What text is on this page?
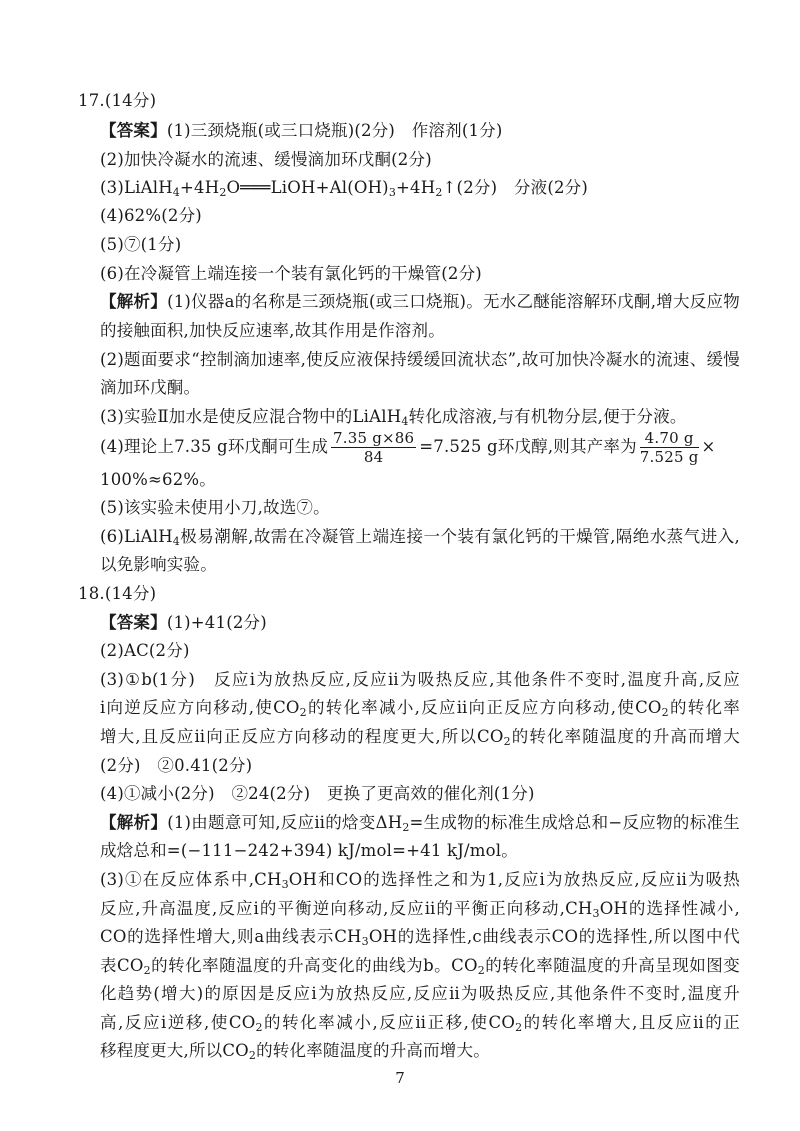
17.(14分)
【答案】(1)三颈烧瓶(或三口烧瓶)(2分)　作溶剂(1分)
(2)加快冷凝水的流速、缓慢滴加环戊酮(2分)
$(3)LiAlH_4+4H_2O═══LiOH+Al(OH)_3+4H_2↑(2$分)　分液(2分)
(4)62%(2分)
(5)⑦(1分)
(6)在冷凝管上端连接一个装有氯化钙的干燥管(2分)
【解析】(1)仪器a的名称是三颈烧瓶(或三口烧瓶)。无水乙醚能溶解环戊酮,增大反应物
的接触面积,加快反应速率,故其作用是作溶剂。
(2)题面要求“控制滴加速率,使反应液保持缓缓回流状态”,故可加快冷凝水的流速、缓慢
滴加环戊酮。
(3)实验Ⅱ加水是使反应混合物中的LiAlH$_4$转化成溶液,与有机物分层,便于分液。
(4)理论上7.35 g环戊酮可生成 $\frac{7.35 g\times 86}{84} =7.525$ g环戊醇,则其产率为 $\frac{4.70 g}{7.525 g}$ ×
100%≈62%。
(5)该实验未使用小刀,故选⑦。
(6)LiAlH$_4$极易潮解,故需在冷凝管上端连接一个装有氯化钙的干燥管,隔绝水蒸气进入,
以免影响实验。
18.(14分)
【答案】(1)+41(2分)
(2)AC(2分)
(3)①b(1分)　反应ⅰ为放热反应,反应ⅱ为吸热反应,其他条件不变时,温度升高,反应
ⅰ向逆反应方向移动,使$CO_2$的转化率减小,反应ⅱ向正反应方向移动,使$CO_2$的转化率
增大,且反应ⅱ向正反应方向移动的程度更大,所以$CO_2$的转化率随温度的升高而增大
(2分)　②0.41(2分)
(4)①减小(2分)　②24(2分)　更换了更高效的催化剂(1分)
【解析】(1)由题意可知,反应ⅱ的焓变$\Delta H_2=$生成物的标准生成焓总和−反应物的标准生
成焓总和=(−111−242+394) kJ/mol=+41 kJ/mol。
(3)①在反应体系中$,CH_3OH$和CO的选择性之和为1,反应ⅰ为放热反应,反应ⅱ为吸热
反应,升高温度,反应ⅰ的平衡逆向移动,反应ⅱ的平衡正向移动$,CH_3OH$的选择性减小,
CO的选择性增大,则a曲线表示$CH_3OH$的选择性,c曲线表示CO的选择性,所以图中代
表$CO_2$的转化率随温度的升高变化的曲线为b。$CO_2$的转化率随温度的升高呈现如图变
化趋势(增大)的原因是反应ⅰ为放热反应,反应ⅱ为吸热反应,其他条件不变时,温度升
高,反应ⅰ逆移,使$CO_2$的转化率减小,反应ⅱ正移,使$CO_2$的转化率增大,且反应ⅱ的正
移程度更大,所以$CO_2$的转化率随温度的升高而增大。
7
